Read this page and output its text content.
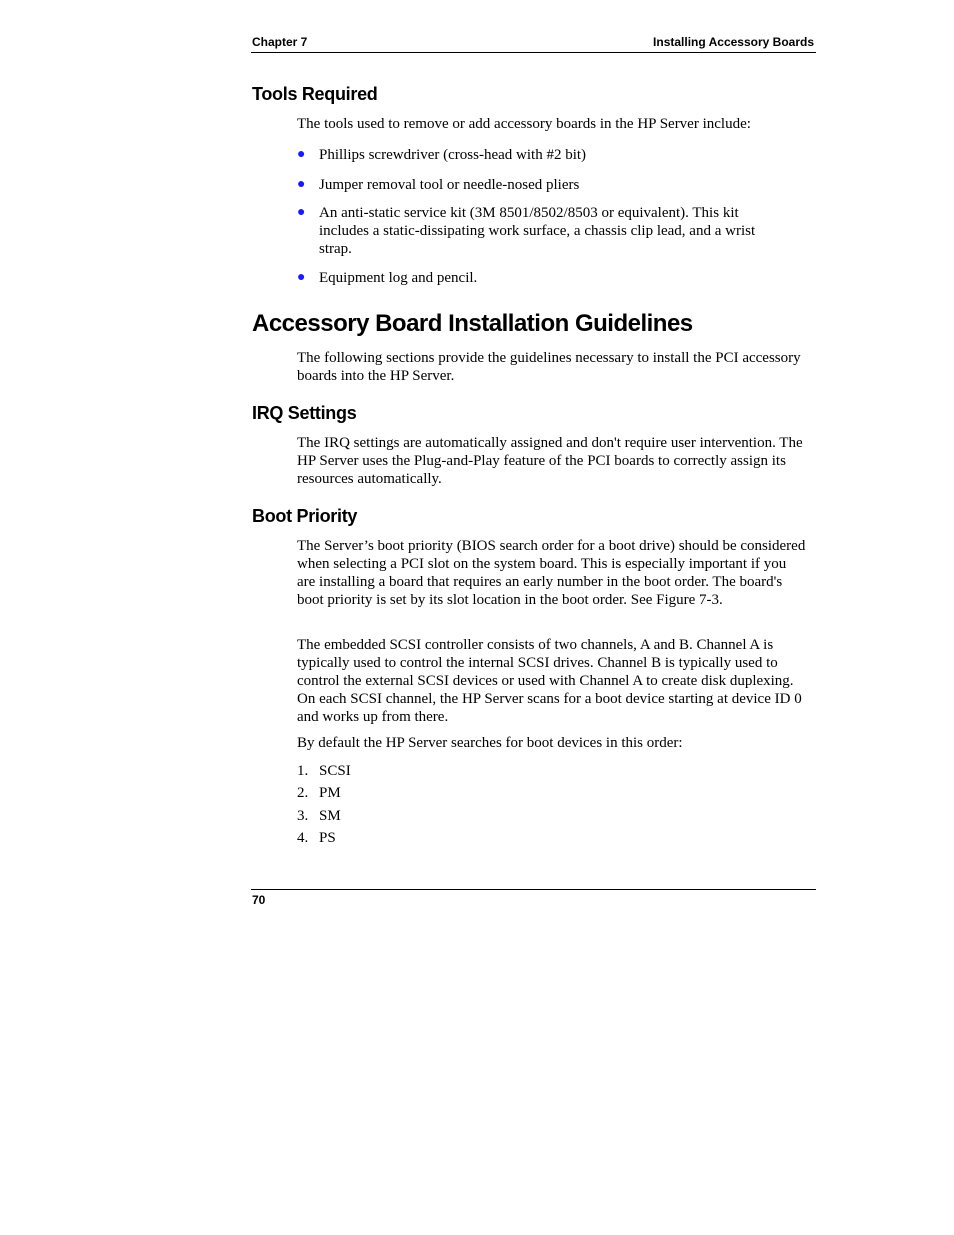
Chapter 7	Installing Accessory Boards
Tools Required
The tools used to remove or add accessory boards in the HP Server include:
● Phillips screwdriver (cross-head with #2 bit)
● Jumper removal tool or needle-nosed pliers
● An anti-static service kit (3M 8501/8502/8503 or equivalent). This kit includes a static-dissipating work surface, a chassis clip lead, and a wrist strap.
● Equipment log and pencil.
Accessory Board Installation Guidelines
The following sections provide the guidelines necessary to install the PCI accessory boards into the HP Server.
IRQ Settings
The IRQ settings are automatically assigned and don't require user intervention. The HP Server uses the Plug-and-Play feature of the PCI boards to correctly assign its resources automatically.
Boot Priority
The Server’s boot priority (BIOS search order for a boot drive) should be considered when selecting a PCI slot on the system board. This is especially important if you are installing a board that requires an early number in the boot order. The board's boot priority is set by its slot location in the boot order. See Figure 7-3.
The embedded SCSI controller consists of two channels, A and B. Channel A is typically used to control the internal SCSI drives. Channel B is typically used to control the external SCSI devices or used with Channel A to create disk duplexing. On each SCSI channel, the HP Server scans for a boot device starting at device ID 0 and works up from there.
By default the HP Server searches for boot devices in this order:
1. SCSI
2. PM
3. SM
4. PS
70
